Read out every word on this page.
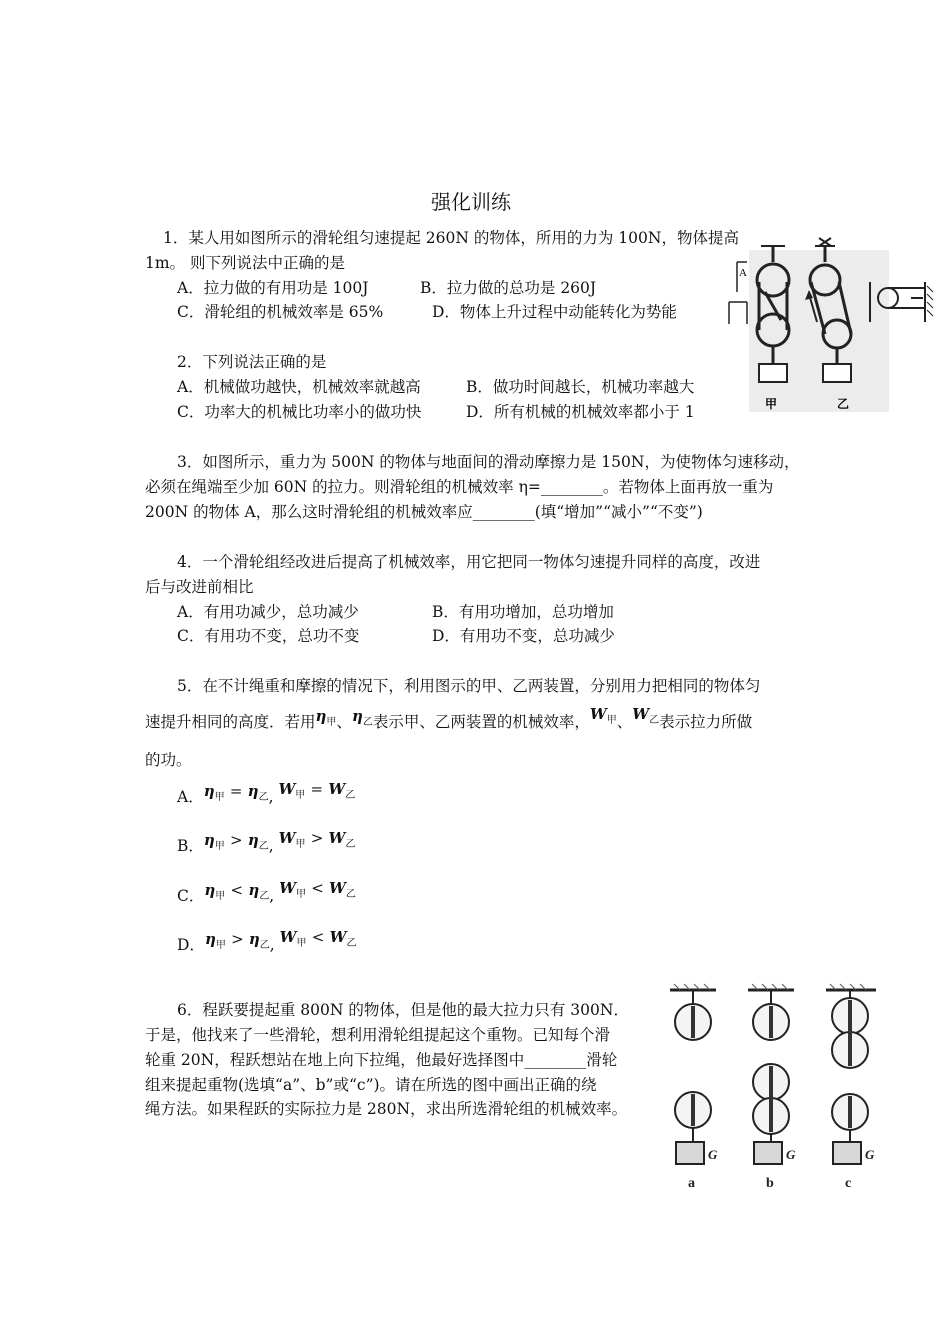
强化训练
1．某人用如图所示的滑轮组匀速提起 260N 的物体，所用的力为 100N，物体提高
1m。 则下列说法中正确的是
A．拉力做的有用功是 100J	B．拉力做的总功是 260J
C．滑轮组的机械效率是 65%	D．物体上升过程中动能转化为势能
2．下列说法正确的是
A．机械做功越快，机械效率就越高	B．做功时间越长，机械功率越大
C．功率大的机械比功率小的做功快	D．所有机械的机械效率都小于 1
A
甲	乙
3．如图所示，重力为 500N 的物体与地面间的滑动摩擦力是 150N，为使物体匀速移动，
必须在绳端至少加 60N 的拉力。则滑轮组的机械效率 η=________。若物体上面再放一重为
200N 的物体 A，那么这时滑轮组的机械效率应________(填“增加”“减小”“不变”)
4．一个滑轮组经改进后提高了机械效率，用它把同一物体匀速提升同样的高度，改进
后与改进前相比
A．有用功减少，总功减少	B．有用功增加，总功增加
C．有用功不变，总功不变	D．有用功不变，总功减少
5．在不计绳重和摩擦的情况下，利用图示的甲、乙两装置，分别用力把相同的物体匀
速提升相同的高度．若用$\eta_甲$、$\eta_乙$表示甲、乙两装置的机械效率，$W_甲$、$W_乙$表示拉力所做
的功。
A．$\eta_甲 = \eta_乙$, $W_甲 = W_乙$
B．$\eta_甲 > \eta_乙$, $W_甲 > W_乙$
C．$\eta_甲 < \eta_乙$, $W_甲 < W_乙$
D．$\eta_甲 > \eta_乙$, $W_甲 < W_乙$
6．程跃要提起重 800N 的物体，但是他的最大拉力只有 300N．
于是，他找来了一些滑轮，想利用滑轮组提起这个重物。已知每个滑
轮重 20N，程跃想站在地上向下拉绳，他最好选择图中________滑轮
组来提起重物(选填“a”、b”或“c”)。请在所选的图中画出正确的绕
绳方法。如果程跃的实际拉力是 280N，求出所选滑轮组的机械效率。
G	G	G
a	b	c
